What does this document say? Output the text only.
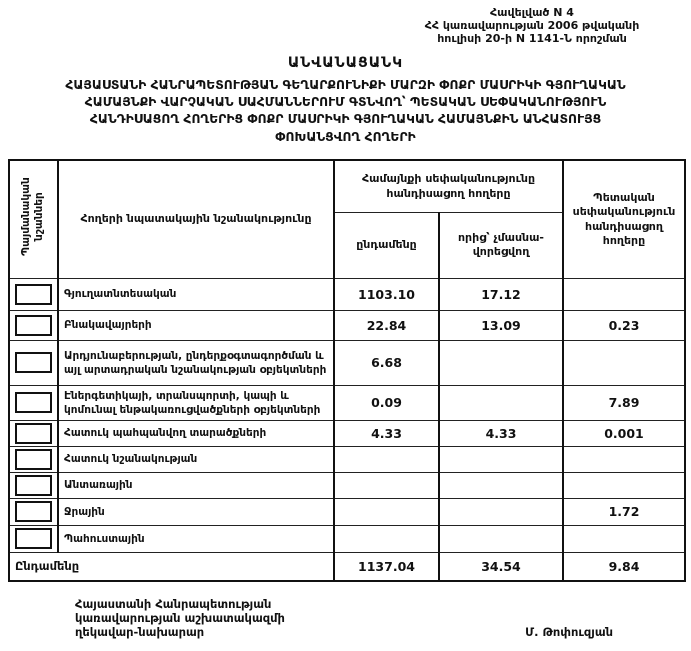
Հավելված N 4
ՀՀ կառավարության 2006 թվականի
հուլիսի 20-ի N 1141-Ն որոշման
ԱՆՎԱՆԱՑԱՆԿ
ՀԱՅԱՍՏԱՆԻ ՀԱՆՐԱՊԵՏՈՒԹՅԱՆ ԳԵՂԱՐՔՈՒՆԻՔԻ ՄԱՐԶԻ ՓՈՔՐ ՄԱՍՐԻԿԻ ԳՅՈՒՂԱԿԱՆ
ՀԱՄԱՅՆՔԻ ՎԱՐՉԱԿԱՆ ՍԱՀՄԱՆՆԵՐՈՒՄ ԳՏՆՎՈՂ՝ ՊԵՏԱԿԱՆ ՍԵՓԱԿԱՆՈՒԹՅՈՒՆ
ՀԱՆԴԻՍԱՑՈՂ ՀՈՂԵՐԻՑ ՓՈՔՐ ՄԱՍՐԻԿԻ ԳՅՈՒՂԱԿԱՆ ՀԱՄԱՅՆՔԻՆ ԱՆՀԱՏՈՒՅՑ
ՓՈԽԱՆՑՎՈՂ ՀՈՂԵՐԻ
Պայմանական նշաններ	Հողերի նպատակային նշանակությունը	Համայնքի սեփականությունը հանդիսացող հողերը		Պետական սեփականություն հանդիսացող հողերը
		ընդամենը	որից՝ չմասնավորեցվող	

	Գյուղատնտեսական	1103.10	17.12	

	Բնակավայրերի	22.84	13.09	0.23

	Արդյունաբերության, ընդերքօգտագործման և այլ արտադրական նշանակության օբյեկտների	6.68		

	Էներգետիկայի, տրանսպորտի, կապի և կոմունալ ենթակառուցվածքների օբյեկտների	0.09		7.89

	Հատուկ պահպանվող տարածքների	4.33	4.33	0.001

	Հատուկ նշանակության			

	Անտառային			

	Ջրային			1.72

	Պահուստային			
Ընդամենը		1137.04	34.54	9.84
Հայաստանի Հանրապետության
կառավարության աշխատակազմի
ղեկավար-նախարար	Մ. Թոփուզյան
